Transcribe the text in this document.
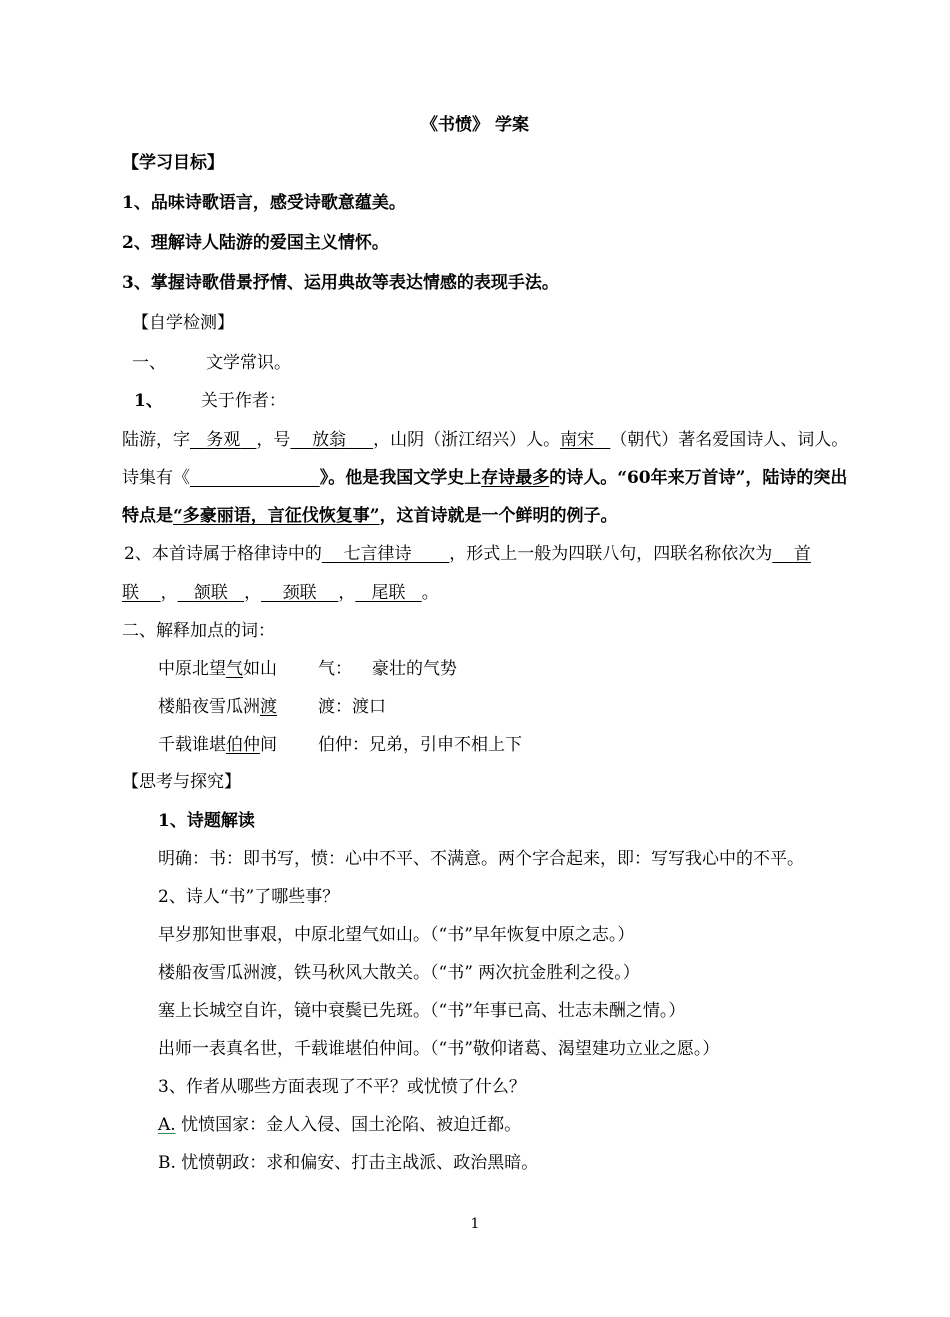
《书愤》 学案
【学习目标】
1、品味诗歌语言，感受诗歌意蕴美。
2、理解诗人陆游的爱国主义情怀。
3、掌握诗歌借景抒情、运用典故等表达情感的表现手法。
【自学检测】
一、 文学常识。
1、 关于作者：
陆游，字 务观 ，号 放翁 ，山阴（浙江绍兴）人。南宋 （朝代）著名爱国诗人、词人。
诗集有《	》。他是我国文学史上存诗最多的诗人。“60年来万首诗”，陆诗的突出
特点是“多豪丽语，言征伐恢复事”，这首诗就是一个鲜明的例子。
2、本首诗属于格律诗中的 七言律诗 ，形式上一般为四联八句，四联名称依次为 首
联 ， 颔联 ， 颈联 ， 尾联 。
二、解释加点的词：
中原北望气如山 气： 豪壮的气势
楼船夜雪瓜洲渡 渡：渡口
千载谁堪伯仲间 伯仲：兄弟，引申不相上下
【思考与探究】
1、诗题解读
明确：书：即书写，愤：心中不平、不满意。两个字合起来，即：写写我心中的不平。
2、诗人“书”了哪些事？
早岁那知世事艰，中原北望气如山。（“书”早年恢复中原之志。）
楼船夜雪瓜洲渡，铁马秋风大散关。（“书” 两次抗金胜利之役。）
塞上长城空自许，镜中衰鬓已先斑。（“书”年事已高、壮志未酬之情。）
出师一表真名世，千载谁堪伯仲间。（“书”敬仰诸葛、渴望建功立业之愿。）
3、作者从哪些方面表现了不平？或忧愤了什么？
A. 忧愤国家：金人入侵、国土沦陷、被迫迁都。
B. 忧愤朝政：求和偏安、打击主战派、政治黑暗。
1
